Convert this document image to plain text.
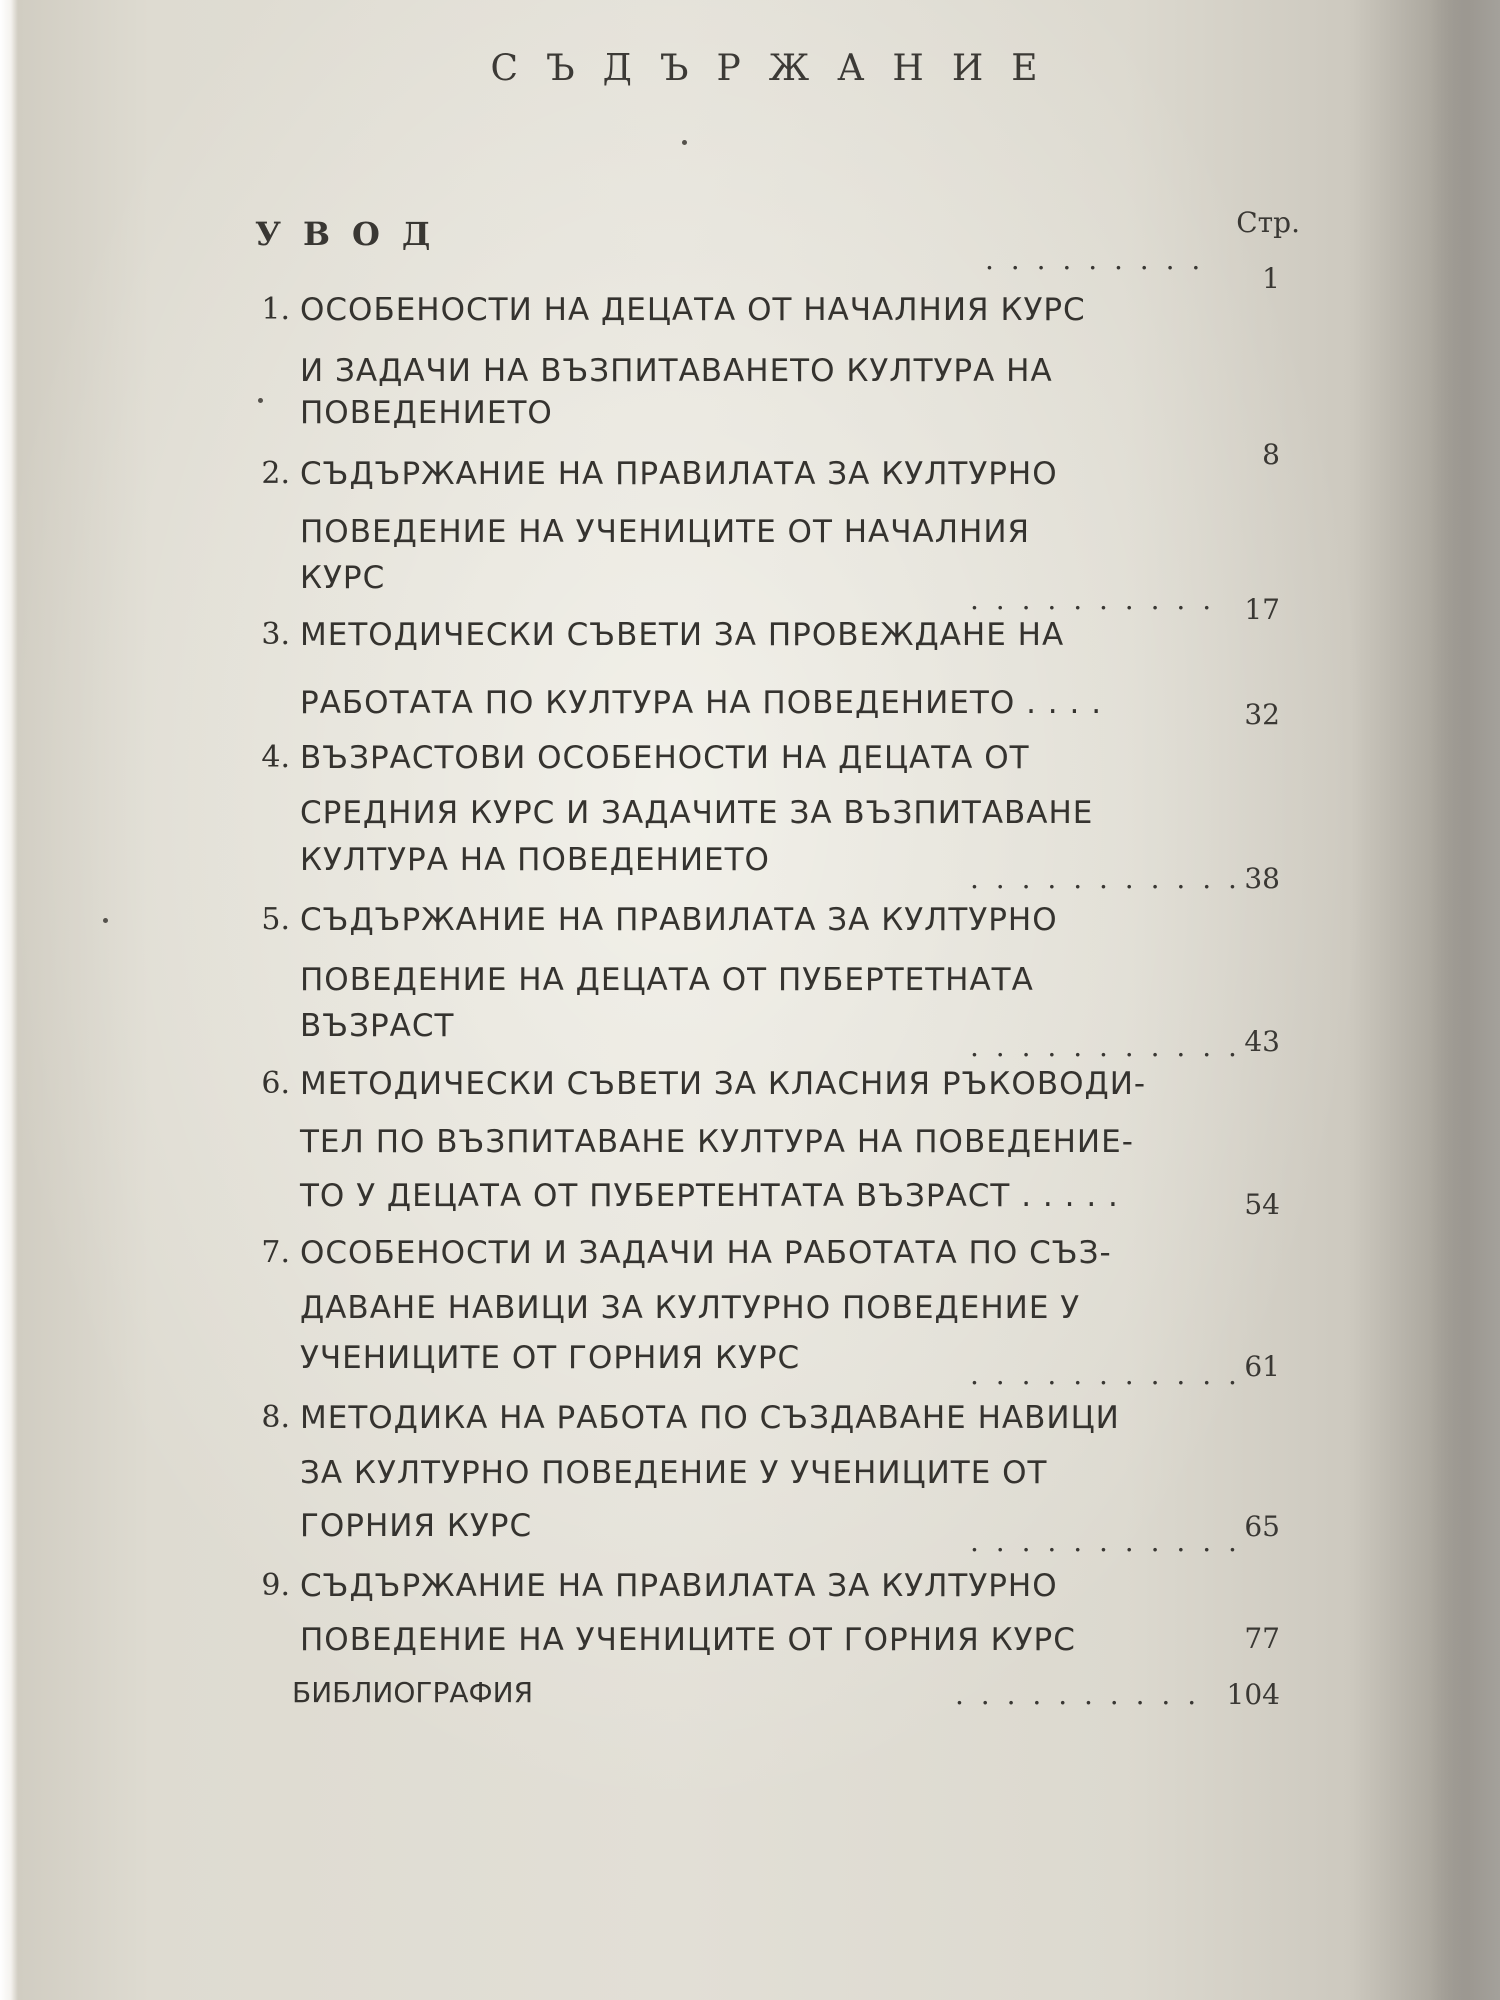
СЪДЪРЖАНИЕ
Стр.
УВОД
. . . . . . . . .
1
1. ОСОБЕНОСТИ НА ДЕЦАТА ОТ НАЧАЛНИЯ КУРС
И ЗАДАЧИ НА ВЪЗПИТАВАНЕТО КУЛТУРА НА
ПОВЕДЕНИЕТО
8
2. СЪДЪРЖАНИЕ НА ПРАВИЛАТА ЗА КУЛТУРНО
ПОВЕДЕНИЕ НА УЧЕНИЦИТЕ ОТ НАЧАЛНИЯ
КУРС
. . . . . . . . . .	17
3. МЕТОДИЧЕСКИ СЪВЕТИ ЗА ПРОВЕЖДАНЕ НА
РАБОТАТА ПО КУЛТУРА НА ПОВЕДЕНИЕТО . . . .	32
4. ВЪЗРАСТОВИ ОСОБЕНОСТИ НА ДЕЦАТА ОТ
СРЕДНИЯ КУРС И ЗАДАЧИТЕ ЗА ВЪЗПИТАВАНЕ
КУЛТУРА НА ПОВЕДЕНИЕТО
. . . . . . . . . . . 38
5. СЪДЪРЖАНИЕ НА ПРАВИЛАТА ЗА КУЛТУРНО
ПОВЕДЕНИЕ НА ДЕЦАТА ОТ ПУБЕРТЕТНАТА
ВЪЗРАСТ
. . . . . . . . . . . 43
6. МЕТОДИЧЕСКИ СЪВЕТИ ЗА КЛАСНИЯ РЪКОВОДИ-
ТЕЛ ПО ВЪЗПИТАВАНЕ КУЛТУРА НА ПОВЕДЕНИЕ-
ТО У ДЕЦАТА ОТ ПУБЕРТЕНТАТА ВЪЗРАСТ . . . . .	54
7. ОСОБЕНОСТИ И ЗАДАЧИ НА РАБОТАТА ПО СЪЗ-
ДАВАНЕ НАВИЦИ ЗА КУЛТУРНО ПОВЕДЕНИЕ У
УЧЕНИЦИТЕ ОТ ГОРНИЯ КУРС	. . . . . . . . . . . 61
8. МЕТОДИКА НА РАБОТА ПО СЪЗДАВАНЕ НАВИЦИ
ЗА КУЛТУРНО ПОВЕДЕНИЕ У УЧЕНИЦИТЕ ОТ
ГОРНИЯ КУРС	. . . . . . . . . . . 65
9. СЪДЪРЖАНИЕ НА ПРАВИЛАТА ЗА КУЛТУРНО
ПОВЕДЕНИЕ НА УЧЕНИЦИТЕ ОТ ГОРНИЯ КУРС	77
БИБЛИОГРАФИЯ	. . . . . . . . . . 104
